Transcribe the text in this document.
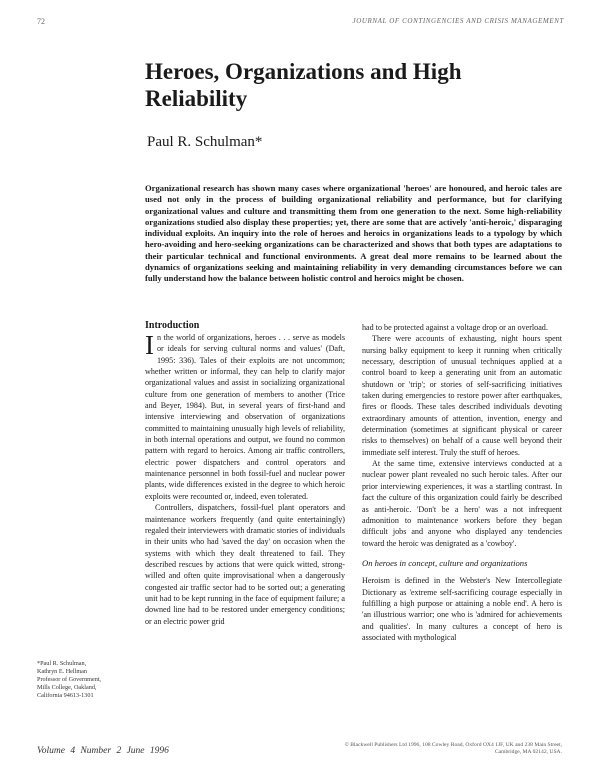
72	JOURNAL OF CONTINGENCIES AND CRISIS MANAGEMENT
Heroes, Organizations and High Reliability
Paul R. Schulman*

Organizational research has shown many cases where organizational 'heroes' are honoured, and heroic tales are used not only in the process of building organizational reliability and performance, but for clarifying organizational values and culture and transmitting them from one generation to the next. Some high-reliability organizations studied also display these properties; yet, there are some that are actively 'anti-heroic,' disparaging individual exploits. An inquiry into the role of heroes and heroics in organizations leads to a typology by which hero-avoiding and hero-seeking organizations can be characterized and shows that both types are adaptations to their particular technical and functional environments. A great deal more remains to be learned about the dynamics of organizations seeking and maintaining reliability in very demanding circumstances before we can fully understand how the balance between holistic control and heroics might be chosen.

Introduction

In the world of organizations, heroes . . . serve as models or ideals for serving cultural norms and values' (Daft, 1995: 336). Tales of their exploits are not uncommon; whether written or informal, they can help to clarify major organizational values and assist in socializing organizational culture from one generation of members to another (Trice and Beyer, 1984). But, in several years of first-hand and intensive interviewing and observation of organizations committed to maintaining unusually high levels of reliability, in both internal operations and output, we found no common pattern with regard to heroics. Among air traffic controllers, electric power dispatchers and control operators and maintenance personnel in both fossil-fuel and nuclear power plants, wide differences existed in the degree to which heroic exploits were recounted or, indeed, even tolerated.

Controllers, dispatchers, fossil-fuel plant operators and maintenance workers frequently (and quite entertainingly) regaled their interviewers with dramatic stories of individuals in their units who had 'saved the day' on occasion when the systems with which they dealt threatened to fail. They described rescues by actions that were quick witted, strong-willed and often quite improvisational when a dangerously congested air traffic sector had to be sorted out; a generating unit had to be kept running in the face of equipment failure; a downed line had to be restored under emergency conditions; or an electric power grid

had to be protected against a voltage drop or an overload.

There were accounts of exhausting, night hours spent nursing balky equipment to keep it running when critically necessary, description of unusual techniques applied at a control board to keep a generating unit from an automatic shutdown or 'trip'; or stories of self-sacrificing initiatives taken during emergencies to restore power after earthquakes, fires or floods. These tales described individuals devoting extraordinary amounts of attention, invention, energy and determination (sometimes at significant physical or career risks to themselves) on behalf of a cause well beyond their immediate self interest. Truly the stuff of heroes.

At the same time, extensive interviews conducted at a nuclear power plant revealed no such heroic tales. After our prior interviewing experiences, it was a startling contrast. In fact the culture of this organization could fairly be described as anti-heroic. 'Don't be a hero' was a not infrequent admonition to maintenance workers before they began difficult jobs and anyone who displayed any tendencies toward the heroic was denigrated as a 'cowboy'.

On heroes in concept, culture and organizations

Heroism is defined in the Webster's New Intercollegiate Dictionary as 'extreme self-sacrificing courage especially in fulfilling a high purpose or attaining a noble end'. A hero is 'an illustrious warrior; one who is 'admired for achievements and qualities'. In many cultures a concept of hero is associated with mythological

*Paul R. Schulman, Kathryn E. Hellman Professor of Government, Mills College, Oakland, California 94613-1301
Volume 4 Number 2 June 1996
© Blackwell Publishers Ltd 1996, 108 Cowley Road, Oxford OX4 1JF, UK and 238 Main Street, Cambridge, MA 02142, USA.
